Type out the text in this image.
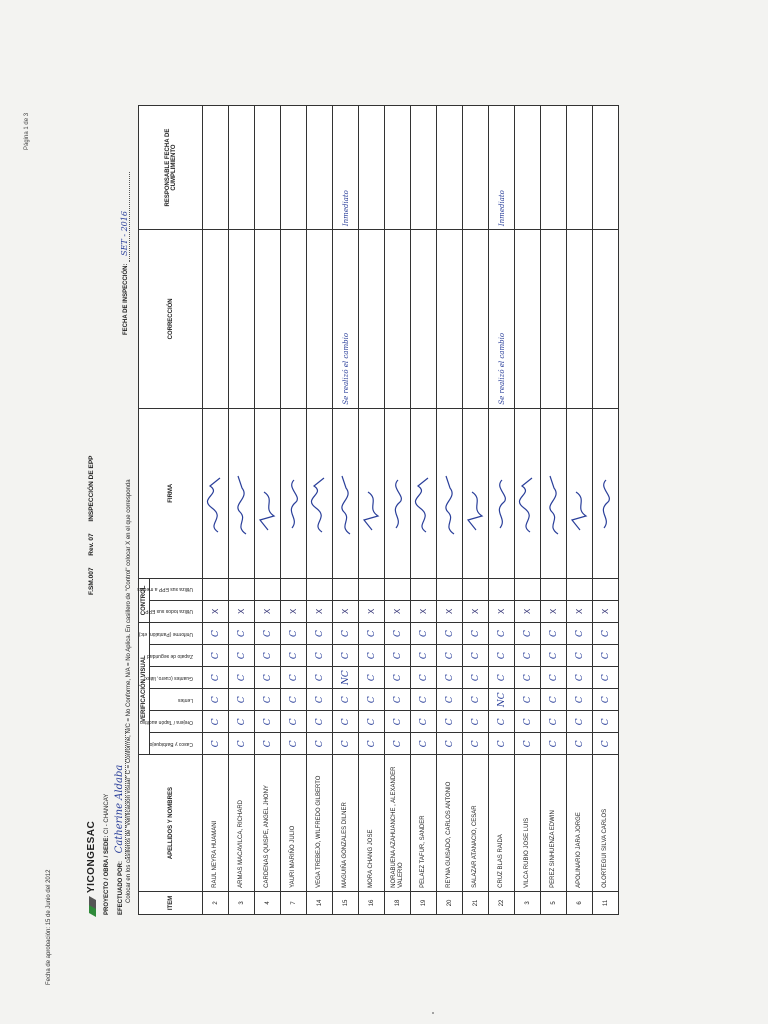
Página 1 de 3
Fecha de aprobación: 15 de Junio del 2012
YICONGESAC
F.SM.007 Rev. 07 INSPECCIÓN DE EPP
PROYECTO / OBRA / SEDE: CI - CHANCAY
EFECTUADO POR: Catherine Aldaba Colocar en los casilleros de "Verificación visual" C = Conforme, N/C = No Conforme, N/A = No Aplica. En casillero de "Control" colocar X en el que corresponda
FECHA DE INSPECCIÓN: SET - 2016
ITEM	APELLIDOS Y NOMBRES	VERIFICACIÓN VISUAL						CONTROL		FIRMA	CORRECCIÓN	RESPONSABLE FECHA DE CUMPLIMIENTO

		Casco y Barbiquejo	Orejera / Tapón auditivo	Lentes	Guantes (cuero, látex)	Zapato de seguridad	Uniforme (Pantalón, etc)	Utiliza todos sus EPP	Utiliza sus EPP a medias			

2	RAUL NEYRA HUAMANI	C	C	C	C	C	C	X		

3	ARMAS MACAVILCA, RICHARD	C	C	C	C	C	C	X		

4	CARDENAS QUISPE, ANGEL JHONY	C	C	C	C	C	C	X		

7	YAURI MARIÑO JULIO	C	C	C	C	C	C	X		

14	VEGA TREBEJO, WILFREDO GILBERTO	C	C	C	C	C	C	X		

15	MAGUIÑA GONZALES DILNER	C	C	C	NC	C	C	X			Se realizó el cambio	Inmediato
16	MORA CHANG JOSE	C	C	C	C	C	C	X		

18	NORABUENA AZAHUANCHE , ALEXANDER VALERIO	C	C	C	C	C	C	X		

19	PELAEZ TAFUR, SANDER	C	C	C	C	C	C	X		

20	REYNA GUISADO, CARLOS ANTONIO	C	C	C	C	C	C	X		

21	SALAZAR ATANACIO, CESAR	C	C	C	C	C	C	X		

22	CRUZ BLAS RAIDA	C	C	NC	C	C	C	X			Se realizó el cambio	Inmediato
3	VILCA RUBIO JOSE LUIS	C	C	C	C	C	C	X		

5	PEREZ SINHUENZA EDWIN	C	C	C	C	C	C	X		

6	APOLINARIO JARA JORGE	C	C	C	C	C	C	X		

11	OLORTEGUI SILVA CARLOS	C	C	C	C	C	C	X		
